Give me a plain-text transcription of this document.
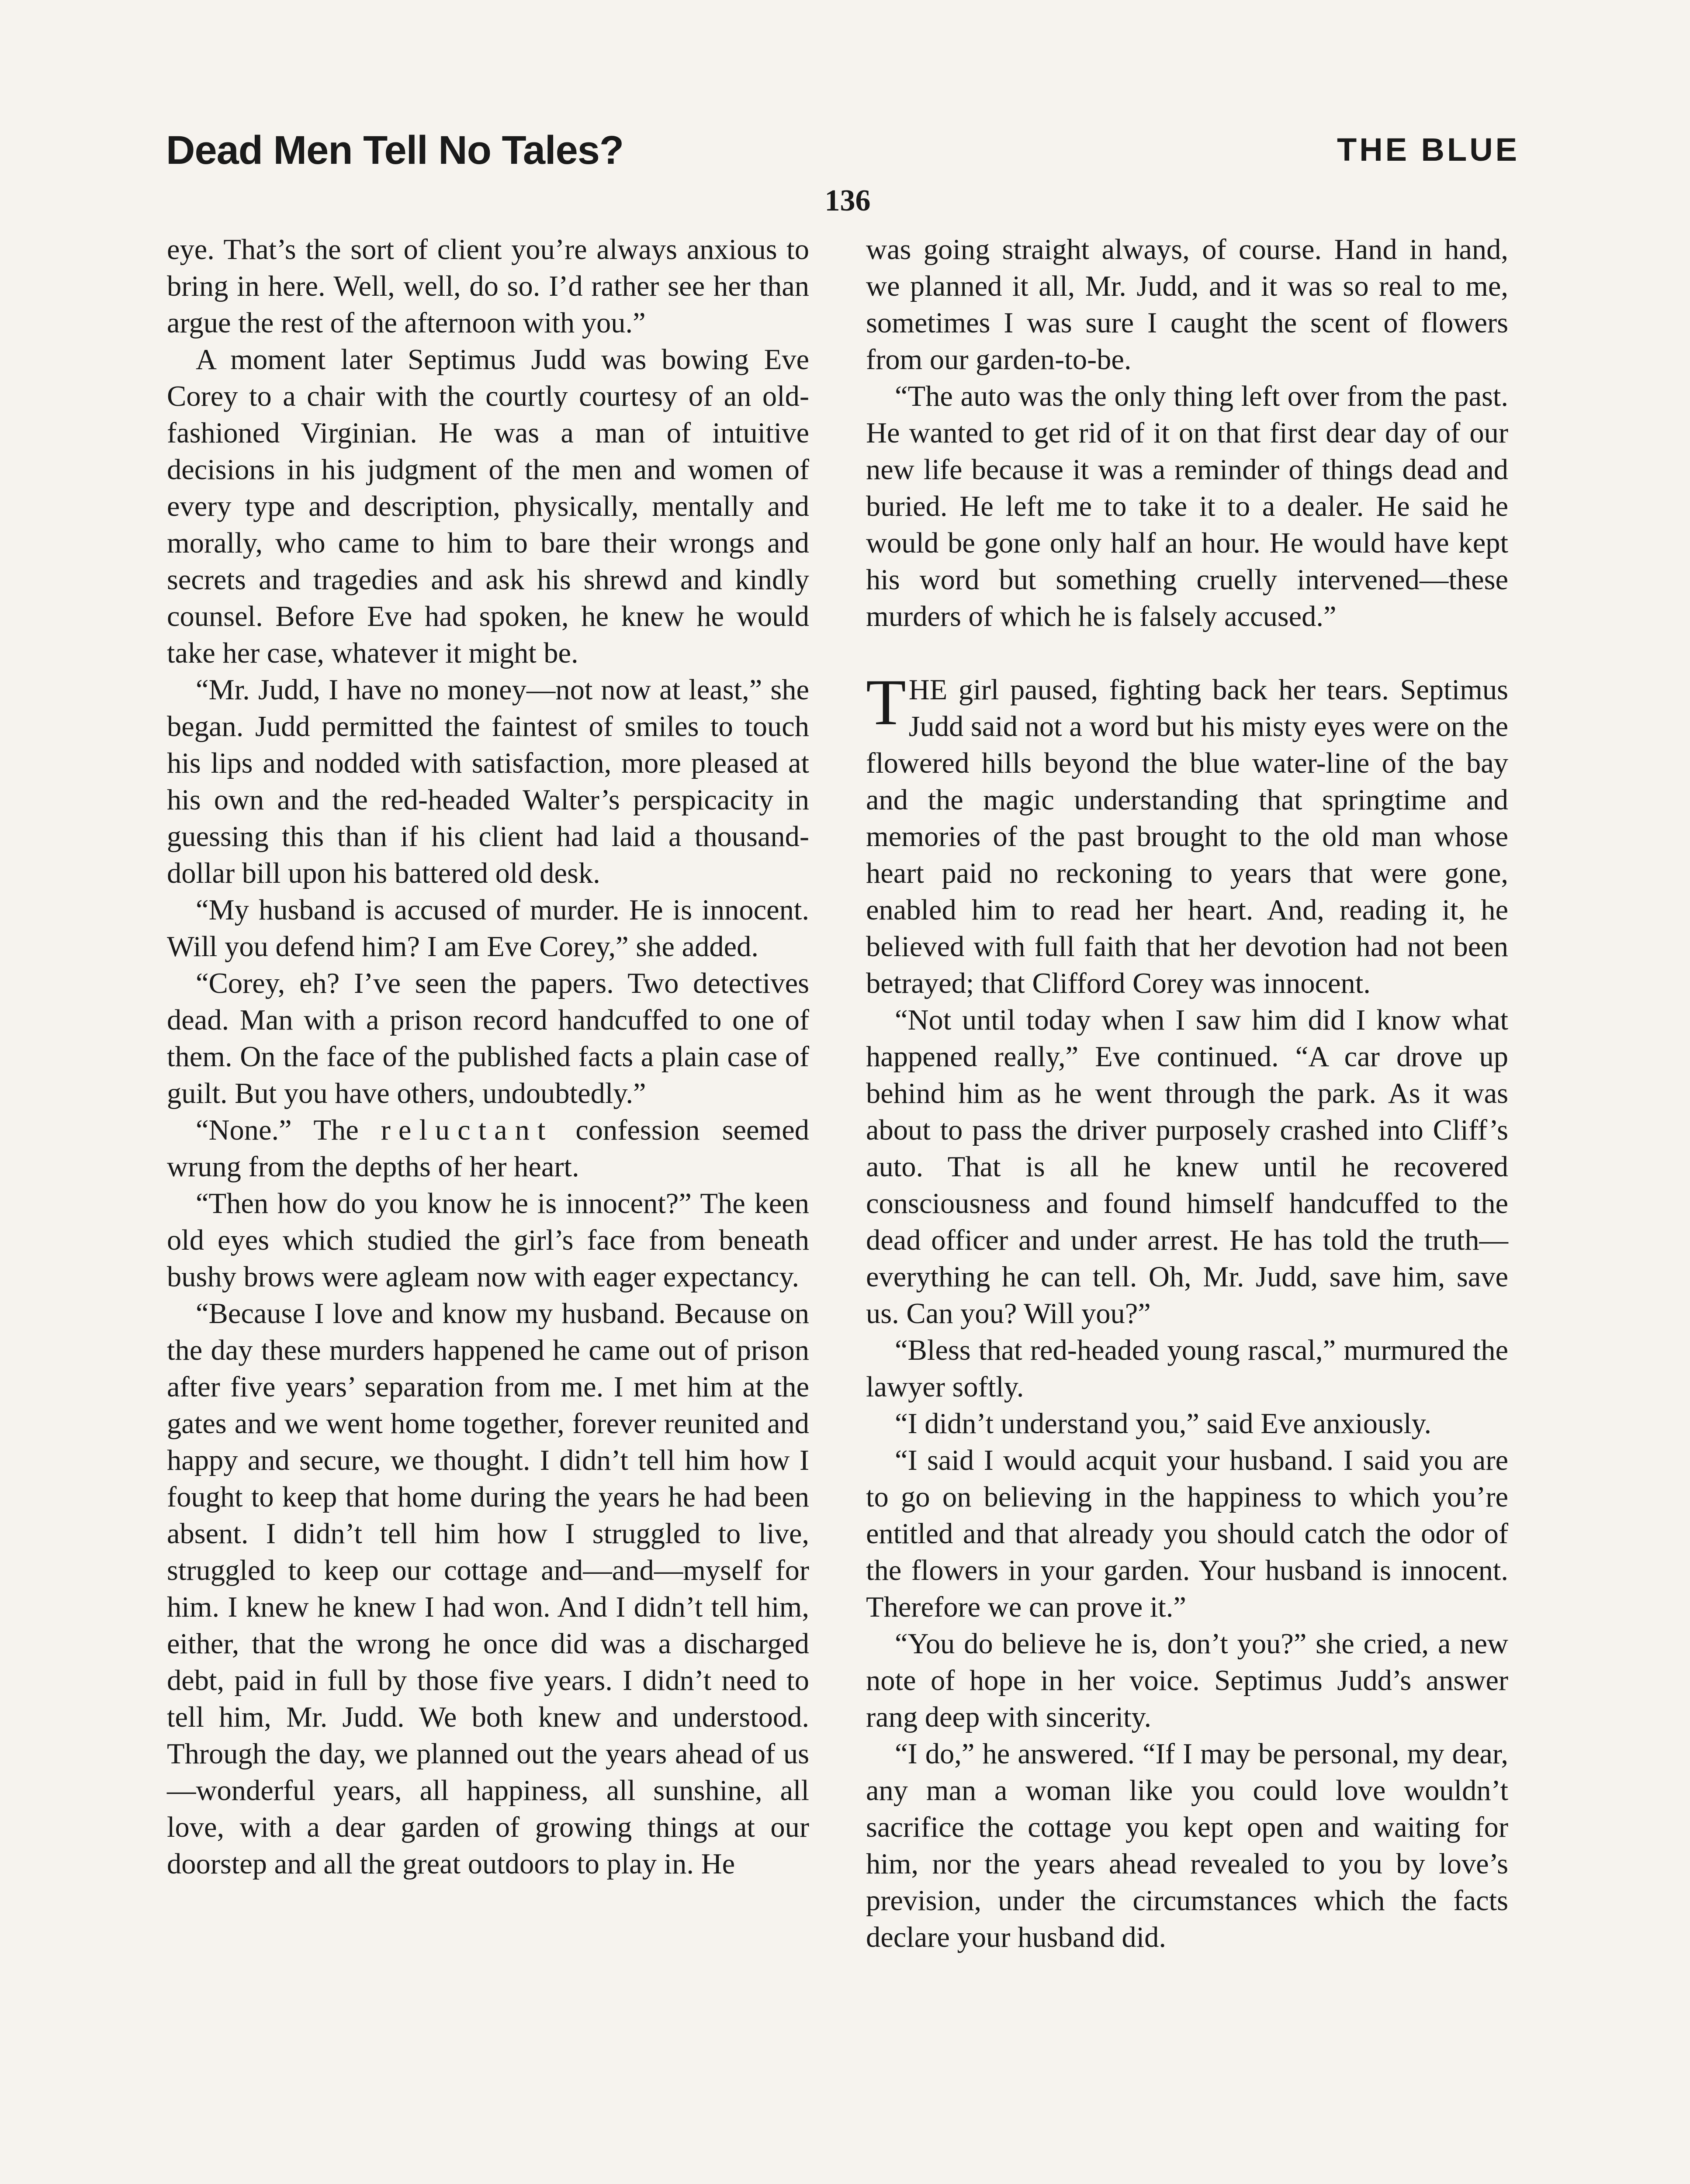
Dead Men Tell No Tales?	THE BLUE
136

eye. That’s the sort of client you’re always anxious to bring in here. Well, well, do so. I’d rather see her than argue the rest of the afternoon with you.”

A moment later Septimus Judd was bowing Eve Corey to a chair with the courtly courtesy of an old-fashioned Virginian. He was a man of intuitive decisions in his judgment of the men and women of every type and description, physically, mentally and morally, who came to him to bare their wrongs and secrets and tragedies and ask his shrewd and kindly counsel. Before Eve had spoken, he knew he would take her case, whatever it might be.

“Mr. Judd, I have no money—not now at least,” she began. Judd permitted the faintest of smiles to touch his lips and nodded with satisfaction, more pleased at his own and the red-headed Walter’s perspicacity in guessing this than if his client had laid a thousand-dollar bill upon his battered old desk.

“My husband is accused of murder. He is innocent. Will you defend him? I am Eve Corey,” she added.

“Corey, eh? I’ve seen the papers. Two detectives dead. Man with a prison record handcuffed to one of them. On the face of the published facts a plain case of guilt. But you have others, undoubtedly.”

“None.” The reluctant confession seemed wrung from the depths of her heart.

“Then how do you know he is innocent?” The keen old eyes which studied the girl’s face from beneath bushy brows were agleam now with eager expectancy.

“Because I love and know my husband. Because on the day these murders happened he came out of prison after five years’ separation from me. I met him at the gates and we went home together, forever reunited and happy and secure, we thought. I didn’t tell him how I fought to keep that home during the years he had been absent. I didn’t tell him how I struggled to live, struggled to keep our cottage and—and—myself for him. I knew he knew I had won. And I didn’t tell him, either, that the wrong he once did was a discharged debt, paid in full by those five years. I didn’t need to tell him, Mr. Judd. We both knew and understood. Through the day, we planned out the years ahead of us—wonderful years, all happiness, all sunshine, all love, with a dear garden of growing things at our doorstep and all the great outdoors to play in. He

was going straight always, of course. Hand in hand, we planned it all, Mr. Judd, and it was so real to me, sometimes I was sure I caught the scent of flowers from our garden-to-be.

“The auto was the only thing left over from the past. He wanted to get rid of it on that first dear day of our new life because it was a reminder of things dead and buried. He left me to take it to a dealer. He said he would be gone only half an hour. He would have kept his word but something cruelly intervened—these murders of which he is falsely accused.”

THE girl paused, fighting back her tears. Septimus Judd said not a word but his misty eyes were on the flowered hills beyond the blue water-line of the bay and the magic understanding that springtime and memories of the past brought to the old man whose heart paid no reckoning to years that were gone, enabled him to read her heart. And, reading it, he believed with full faith that her devotion had not been betrayed; that Clifford Corey was innocent.

“Not until today when I saw him did I know what happened really,” Eve continued. “A car drove up behind him as he went through the park. As it was about to pass the driver purposely crashed into Cliff’s auto. That is all he knew until he recovered consciousness and found himself handcuffed to the dead officer and under arrest. He has told the truth—everything he can tell. Oh, Mr. Judd, save him, save us. Can you? Will you?”

“Bless that red-headed young rascal,” murmured the lawyer softly.

“I didn’t understand you,” said Eve anxiously.

“I said I would acquit your husband. I said you are to go on believing in the happiness to which you’re entitled and that already you should catch the odor of the flowers in your garden. Your husband is innocent. Therefore we can prove it.”

“You do believe he is, don’t you?” she cried, a new note of hope in her voice. Septimus Judd’s answer rang deep with sincerity.

“I do,” he answered. “If I may be personal, my dear, any man a woman like you could love wouldn’t sacrifice the cottage you kept open and waiting for him, nor the years ahead revealed to you by love’s prevision, under the circumstances which the facts declare your husband did.
